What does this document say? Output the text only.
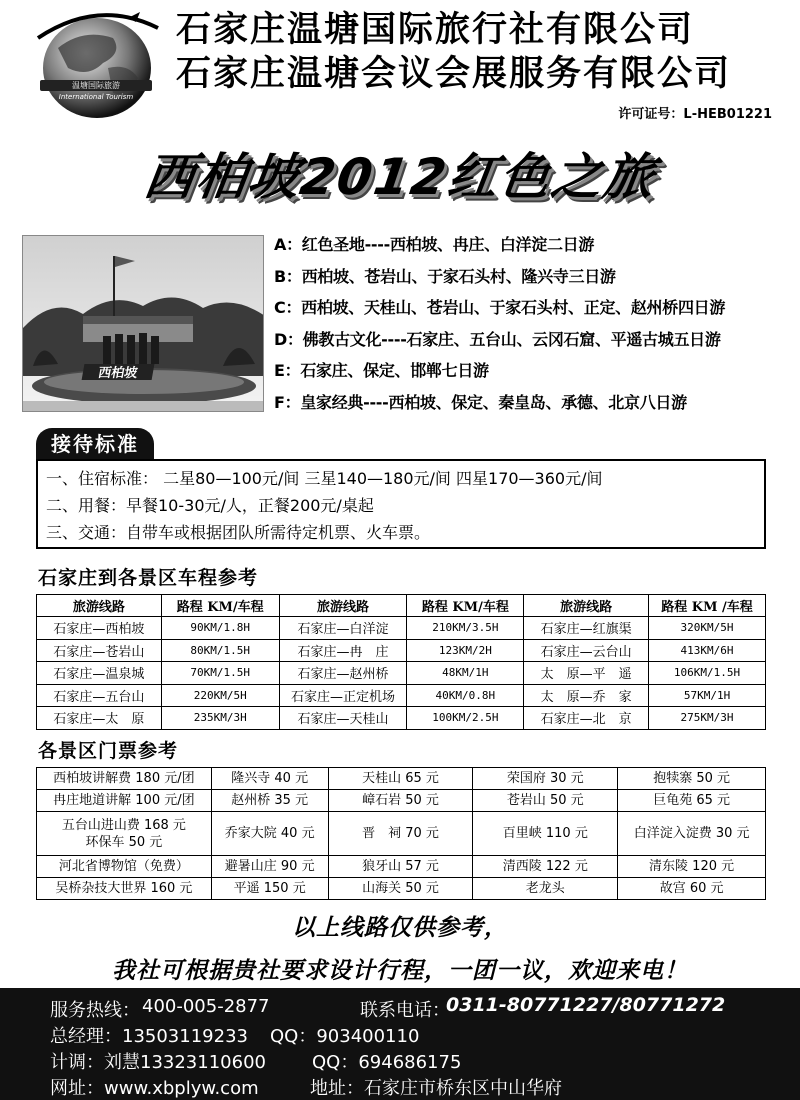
温塘国际旅游
International Tourism
石家庄温塘国际旅行社有限公司
石家庄温塘会议会展服务有限公司
许可证号：L-HEB01221
西柏坡2012红色之旅
西柏坡
A：红色圣地----西柏坡、冉庄、白洋淀二日游
B：西柏坡、苍岩山、于家石头村、隆兴寺三日游
C：西柏坡、天桂山、苍岩山、于家石头村、正定、赵州桥四日游
D：佛教古文化----石家庄、五台山、云冈石窟、平遥古城五日游
E：石家庄、保定、邯郸七日游
F：皇家经典----西柏坡、保定、秦皇岛、承德、北京八日游
接待标准
一、住宿标准： 二星80—100元/间 三星140—180元/间 四星170—360元/间
二、用餐：早餐10-30元/人，正餐200元/桌起
三、交通：自带车或根据团队所需待定机票、火车票。
石家庄到各景区车程参考
旅游线路	路程 KM/车程	旅游线路	路程 KM/车程	旅游线路	路程 KM /车程
石家庄—西柏坡	90KM/1.8H	石家庄—白洋淀	210KM/3.5H	石家庄—红旗渠	320KM/5H
石家庄—苍岩山	80KM/1.5H	石家庄—冉　庄	123KM/2H	石家庄—云台山	413KM/6H
石家庄—温泉城	70KM/1.5H	石家庄—赵州桥	48KM/1H	太　原—平　遥	106KM/1.5H
石家庄—五台山	220KM/5H	石家庄—正定机场	40KM/0.8H	太　原—乔　家	57KM/1H
石家庄—太　原	235KM/3H	石家庄—天桂山	100KM/2.5H	石家庄—北　京	275KM/3H
各景区门票参考
西柏坡讲解费 180 元/团	隆兴寺 40 元	天桂山 65 元	荣国府 30 元	抱犊寨 50 元
冉庄地道讲解 100 元/团	赵州桥 35 元	嶂石岩 50 元	苍岩山 50 元	巨龟苑 65 元

五台山进山费 168 元
环保车 50 元	乔家大院 40 元	晋　祠 70 元	百里峡 110 元	白洋淀入淀费 30 元
河北省博物馆（免费）	避暑山庄 90 元	狼牙山 57 元	清西陵 122 元	清东陵 120 元
吴桥杂技大世界 160 元	平遥 150 元	山海关 50 元	老龙头	故宫 60 元
以上线路仅供参考，
我社可根据贵社要求设计行程，一团一议，欢迎来电！
服务热线： 400-005-2877	联系电话：
0311-80771227/80771272
总经理：13503119233 QQ：903400110
计调：刘慧13323110600	QQ：694686175
网址：www.xbplyw.com	地址：石家庄市桥东区中山华府
